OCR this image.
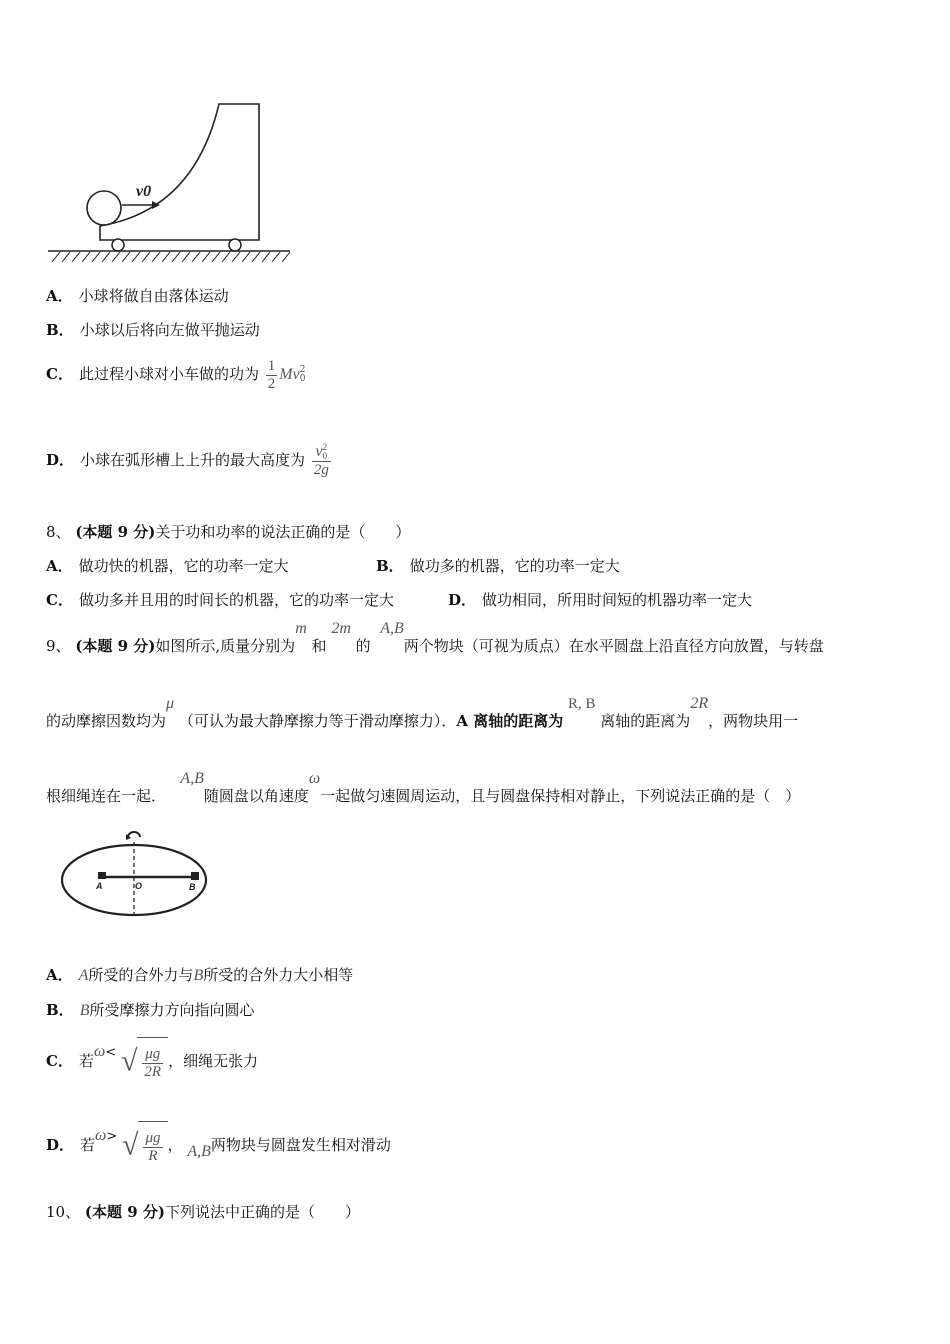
v0
A． 小球将做自由落体运动
B． 小球以后将向左做平抛运动
C． 此过程小球对小车做的功为 $\frac{1}{2}$ Mv 2
0
D． 小球在弧形槽上上升的最大高度为 v 2
0
2g
8、 (本题 9 分)关于功和功率的说法正确的是（　　）
A． 做功快的机器，它的功率一定大	B． 做功多的机器，它的功率一定大
C． 做功多并且用的时间长的机器，它的功率一定大	D． 做功相同，所用时间短的机器功率一定大
9、 (本题 9 分)如图所示,质量分别为m 和 2m 的  A,B两个物块（可视为质点）在水平圆盘上沿直径方向放置，与转盘
的动摩擦因数均为μ （可认为最大静摩擦力等于滑动摩擦力）．A 离轴的距离为 R, B 离轴的距离为2R，两物块用一
根细绳连在一起．   A,B随圆盘以角速度ω一起做匀速圆周运动，且与圆盘保持相对静止，下列说法正确的是（　）
A	O	B
A． A所受的合外力与B所受的合外力大小相等
B． B所受摩擦力方向指向圆心
C． 若ω< √ $\frac{\mu g}{2R}$ ，细绳无张力
D． 若ω> √ $\frac{\mu g}{R}$ ， A,B两物块与圆盘发生相对滑动
10、 (本题 9 分)下列说法中正确的是（　　）
